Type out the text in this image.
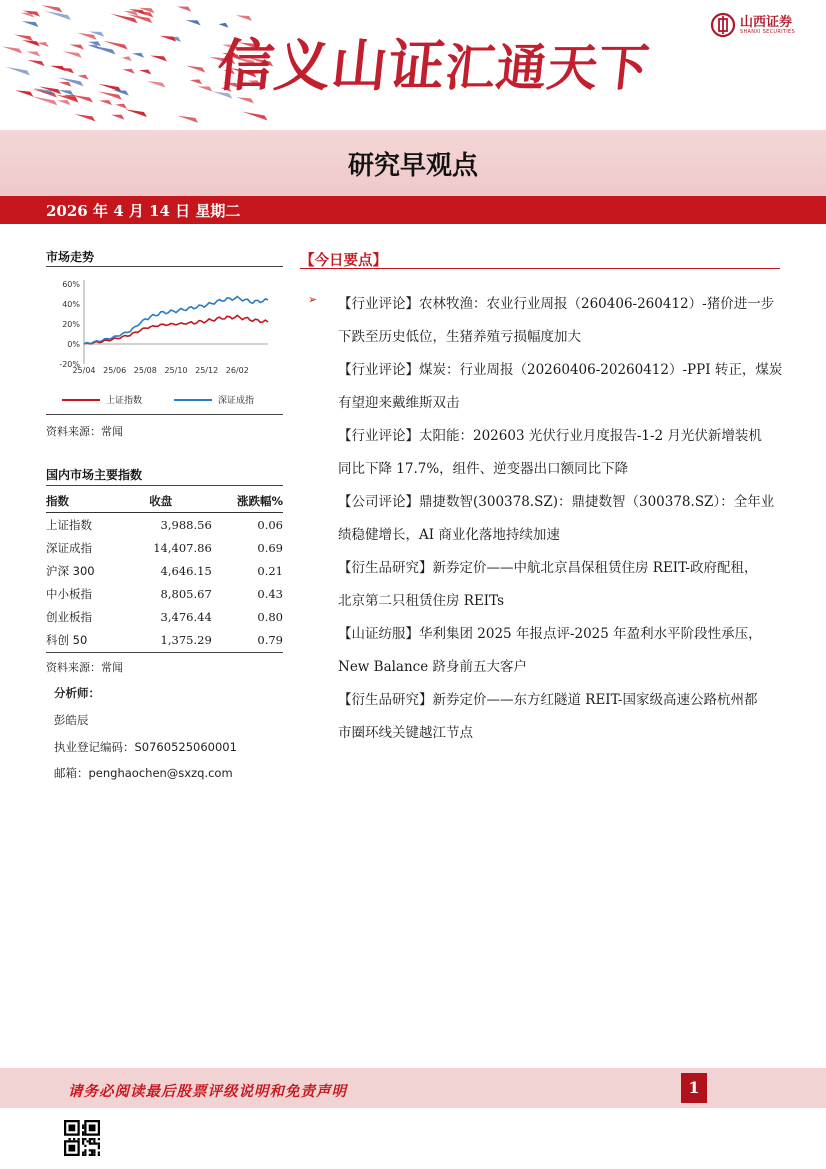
信义山证汇通天下
山西证券
SHANXI SECURITIES
研究早观点
2026 年 4 月 14 日 星期二
市场走势
-20%
0%
20%
40%
60%
25/04 25/06 25/08 25/10 25/12 26/02
上证指数	深证成指
资料来源：常闻
国内市场主要指数
指数	收盘	涨跌幅%
上证指数	3,988.56	0.06
深证成指	14,407.86	0.69
沪深 300	4,646.15	0.21
中小板指	8,805.67	0.43
创业板指	3,476.44	0.80
科创 50	1,375.29	0.79
资料来源：常闻
分析师：
彭皓辰
执业登记编码：S0760525060001
邮箱：penghaochen@sxzq.com
【今日要点】
➢ 【行业评论】农林牧渔：农业行业周报（260406-260412）-猪价进一步
下跌至历史低位，生猪养殖亏损幅度加大
【行业评论】煤炭：行业周报（20260406-20260412）-PPI 转正，煤炭
有望迎来戴维斯双击
【行业评论】太阳能：202603 光伏行业月度报告-1-2 月光伏新增装机
同比下降 17.7%，组件、逆变器出口额同比下降
【公司评论】鼎捷数智(300378.SZ)：鼎捷数智（300378.SZ）：全年业
绩稳健增长，AI 商业化落地持续加速
【衍生品研究】新券定价——中航北京昌保租赁住房 REIT-政府配租，
北京第二只租赁住房 REITs
【山证纺服】华利集团 2025 年报点评-2025 年盈利水平阶段性承压，
New Balance 跻身前五大客户
【衍生品研究】新券定价——东方红隧道 REIT-国家级高速公路杭州都
市圈环线关键越江节点
请务必阅读最后股票评级说明和免责声明	1
